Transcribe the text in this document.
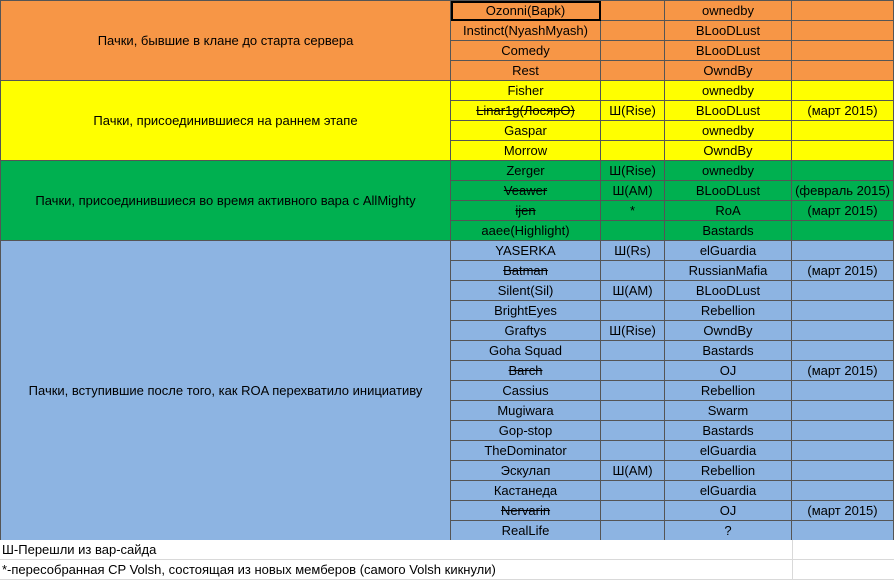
Пачки, бывшие в клане до старта сервера	Ozonni(Bapk)		ownedby	
	Instinct(NyashMyash)		BLooDLust	
	Comedy		BLooDLust	
	Rest		OwndBy	
Пачки, присоединившиеся на раннем этапе	Fisher		ownedby	
	Linar1g(ЛосярО)	Ш(Rise)	BLooDLust	(март 2015)
	Gaspar		ownedby	
	Morrow		OwndBy	
Пачки, присоединившиеся во время активного вара с AllMighty	Zerger	Ш(Rise)	ownedby	
	Veawer	Ш(AM)	BLooDLust	(февраль 2015)
	ijen	*	RoA	(март 2015)
	aaee(Highlight)		Bastards	
Пачки, вступившие после того, как ROA перехватило инициативу	YASERKA	Ш(Rs)	elGuardia	
	Batman		RussianMafia	(март 2015)
	Silent(Sil)	Ш(AM)	BLooDLust	
	BrightEyes		Rebellion	
	Graftys	Ш(Rise)	OwndBy	
	Goha Squad		Bastards	
	Barch		OJ	(март 2015)
	Cassius		Rebellion	
	Mugiwara		Swarm	
	Gop-stop		Bastards	
	TheDominator		elGuardia	
	Эскулап	Ш(AM)	Rebellion	
	Кастанеда		elGuardia	
	Nervarin		OJ	(март 2015)
	RealLife		?	
Ш-Перешли из вар-сайда	
*-пересобранная CP Volsh, состоящая из новых мемберов (самого Volsh кикнули)	
